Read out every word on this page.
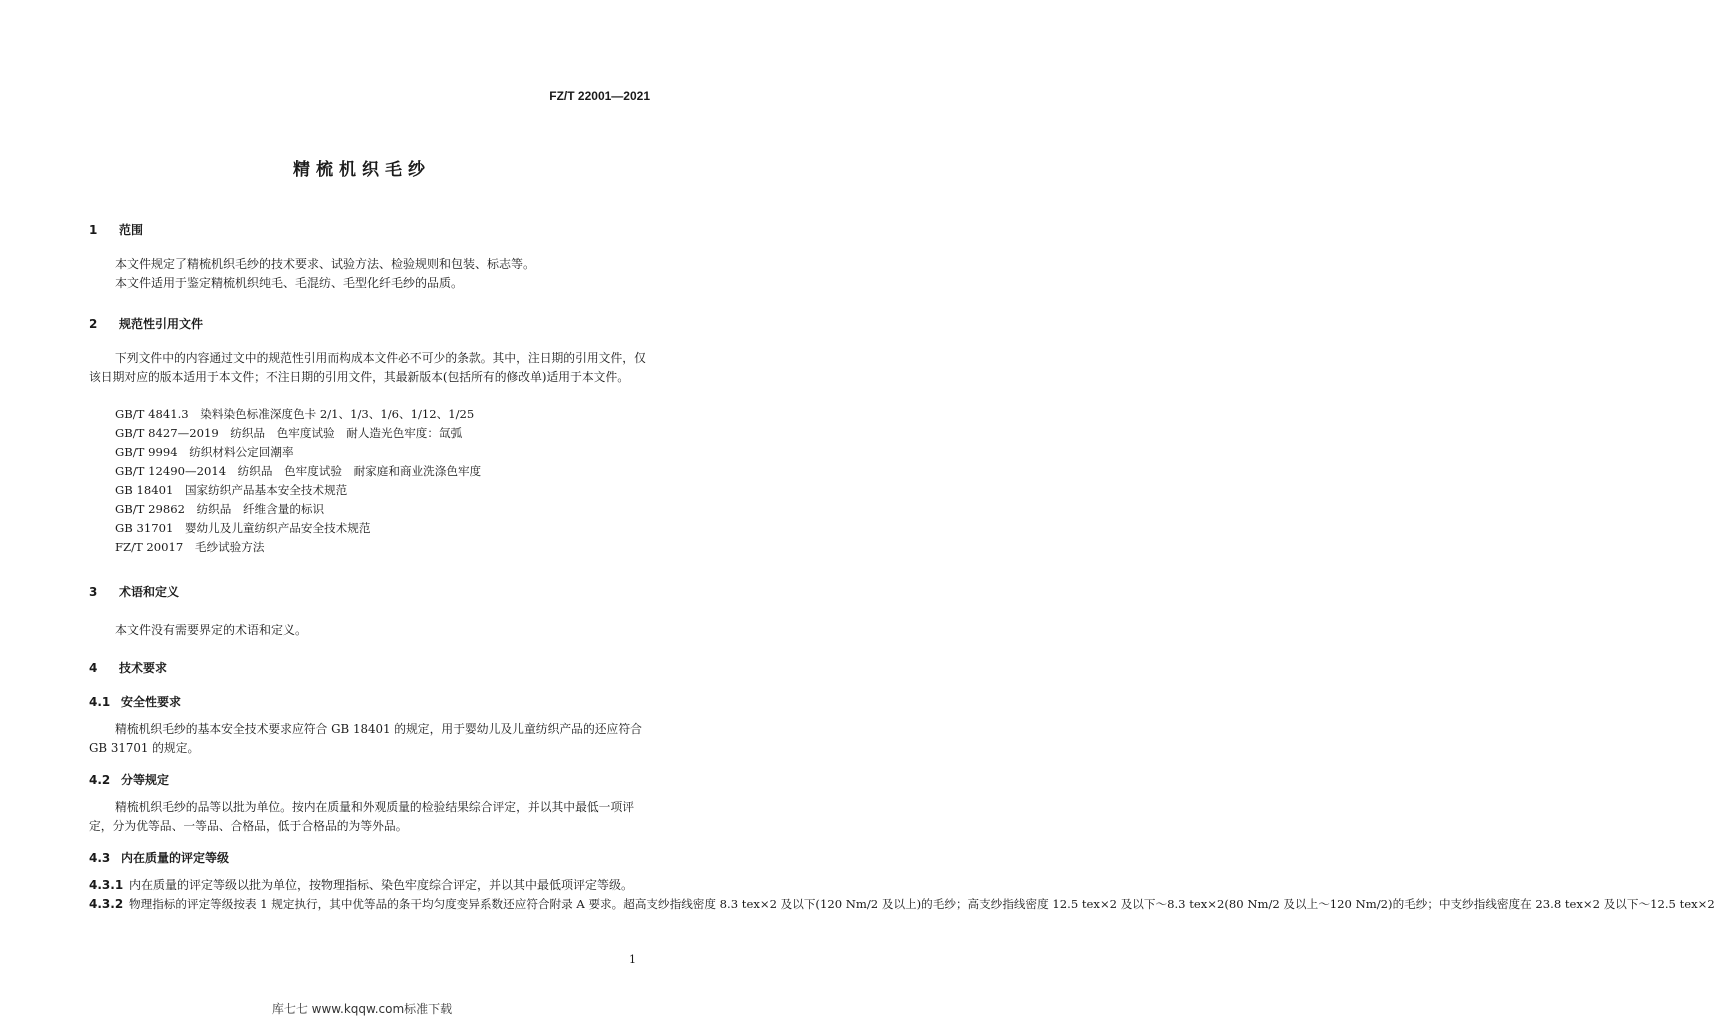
FZ/T 22001—2021
精梳机织毛纱
1 范围
本文件规定了精梳机织毛纱的技术要求、试验方法、检验规则和包装、标志等。
本文件适用于鉴定精梳机织纯毛、毛混纺、毛型化纤毛纱的品质。
2 规范性引用文件
下列文件中的内容通过文中的规范性引用而构成本文件必不可少的条款。其中，注日期的引用文件，仅该日期对应的版本适用于本文件；不注日期的引用文件，其最新版本(包括所有的修改单)适用于本文件。
GB/T 4841.3　染料染色标准深度色卡 2/1、1/3、1/6、1/12、1/25
GB/T 8427—2019　纺织品　色牢度试验　耐人造光色牢度：氙弧
GB/T 9994　纺织材料公定回潮率
GB/T 12490—2014　纺织品　色牢度试验　耐家庭和商业洗涤色牢度
GB 18401　国家纺织产品基本安全技术规范
GB/T 29862　纺织品　纤维含量的标识
GB 31701　婴幼儿及儿童纺织产品安全技术规范
FZ/T 20017　毛纱试验方法
3 术语和定义
本文件没有需要界定的术语和定义。
4 技术要求
4.1 安全性要求
精梳机织毛纱的基本安全技术要求应符合 GB 18401 的规定，用于婴幼儿及儿童纺织产品的还应符合 GB 31701 的规定。
4.2 分等规定
精梳机织毛纱的品等以批为单位。按内在质量和外观质量的检验结果综合评定，并以其中最低一项评定，分为优等品、一等品、合格品，低于合格品的为等外品。
4.3 内在质量的评定等级
4.3.1 内在质量的评定等级以批为单位，按物理指标、染色牢度综合评定，并以其中最低项评定等级。
4.3.2 物理指标的评定等级按表 1 规定执行，其中优等品的条干均匀度变异系数还应符合附录 A 要求。超高支纱指线密度 8.3 tex×2 及以下(120 Nm/2 及以上)的毛纱；高支纱指线密度 12.5 tex×2 及以下～8.3 tex×2(80 Nm/2 及以上～120 Nm/2)的毛纱；中支纱指线密度在 23.8 tex×2 及以下～12.5 tex×2
1
库七七 www.kqqw.com标准下载
